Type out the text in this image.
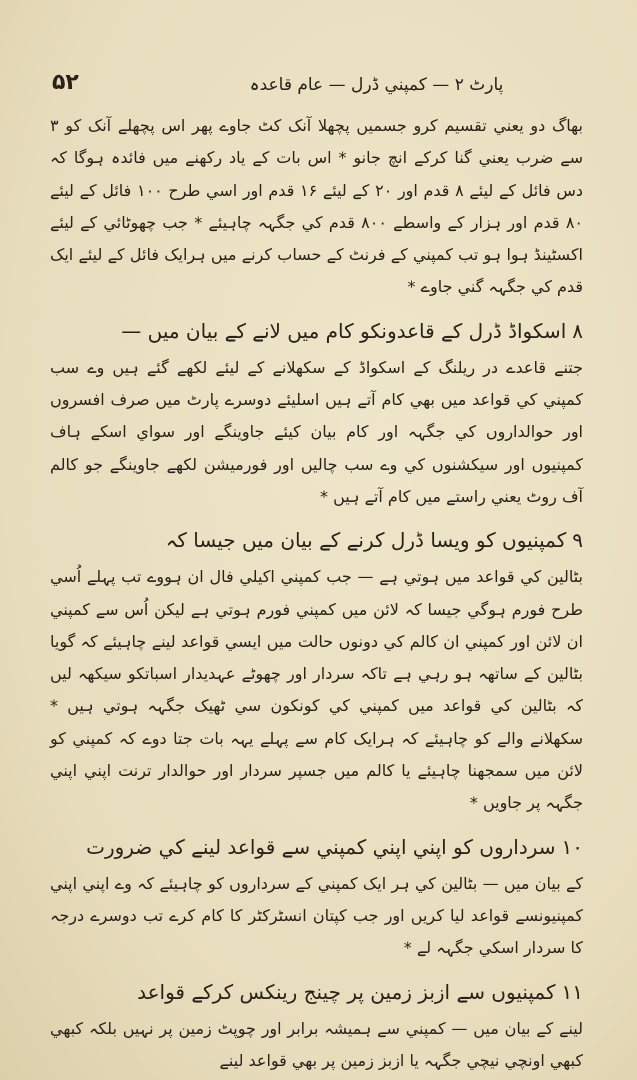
۵۲	پارٹ ۲ — کمپني ڈرل — عام قاعدہ

بھاگ دو يعني تقسيم کرو جسميں پچھلا آنک کٹ جاوے پھر اس پچھلے آنک کو ۳ سے ضرب يعني گنا کرکے انچ جانو * اس بات کے ياد رکھنے ميں فائدہ ہوگا کہ دس فائل کے ليئے ۸ قدم اور ۲۰ کے ليئے ۱۶ قدم اور اسي طرح ۱۰۰ فائل کے ليئے ۸۰ قدم اور ہزار کے واسطے ۸۰۰ قدم کي جگہہ چاہيئے * جب چھوٹائي کے ليئے اکسٹينڈ ہوا ہو تب کمپني کے فرنٹ کے حساب کرنے ميں ہرايک فائل کے ليئے ايک قدم کي جگہہ گني جاوے *

۸اسکواڈ ڈرل کے قاعدونکو کام ميں لانے کے بيان ميں —

جتنے قاعدے در ريلنگ کے اسکواڈ کے سکھلانے کے ليئے لکھے گئے ہيں وے سب کمپني کي قواعد ميں بھي کام آتے ہيں اسليئے دوسرے پارٹ ميں صرف افسروں اور حوالداروں کي جگہہ اور کام بيان کيئے جاوينگے اور سواي اسکے ہاف کمپنيوں اور سيکشنوں کي وے سب چاليں اور فورميشن لکھے جاوينگے جو کالم آف روٹ يعني راستے ميں کام آتے ہيں *

۹کمپنيوں کو ويسا ڈرل کرنے کے بيان ميں جيسا کہ

بٹالين کي قواعد ميں ہوتي ہے — جب کمپني اکيلي فال ان ہووے تب پہلے اُسي طرح فورم ہوگي جيسا کہ لائن ميں کمپني فورم ہوتي ہے ليکن اُس سے کمپني ان لائن اور کمپني ان کالم کي دونوں حالت ميں ايسي قواعد لينے چاہيئے کہ گويا بٹالين کے ساتھہ ہو رہي ہے تاکہ سردار اور چھوٹے عہديدار اسباتکو سيکھہ ليں کہ بٹالين کي قواعد ميں کمپني کي کونکون سي ٹھيک جگہہ ہوتي ہيں * سکھلانے والے کو چاہيئے کہ ہرايک کام سے پہلے يہہ بات جتا دوے کہ کمپني کو لائن ميں سمجھنا چاہيئے يا کالم ميں جسپر سردار اور حوالدار ترنت اپني اپني جگہہ پر جاويں *

۱۰سرداروں کو اپني اپني کمپني سے قواعد لينے کي ضرورت

کے بيان ميں — بٹالين کي ہر ايک کمپني کے سرداروں کو چاہيئے کہ وے اپني اپني کمپنيونسے قواعد ليا کريں اور جب کپتان انسٹرکٹر کا کام کرے تب دوسرے درجہ کا سردار اسکي جگہہ لے *

۱۱کمپنيوں سے ازبز زمين پر چينج رينکس کرکے قواعد

لينے کے بيان ميں — کمپني سے ہميشہ برابر اور چوپٹ زمين پر نہيں بلکہ کبھي کبھي اونچي نيچي جگہہ يا ازبز زمين پر بھي قواعد لينے
